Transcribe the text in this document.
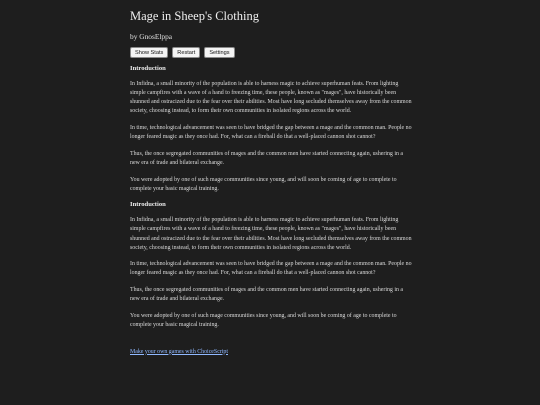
Mage in Sheep's Clothing
by GnosElppa
Show Stats	Restart	Settings
Introduction

In Infidna, a small minority of the population is able to harness magic to achieve superhuman feats. From lighting simple campfires with a wave of a hand to freezing time, these people, known as "mages", have historically been shunned and ostracized due to the fear over their abilities. Most have long secluded themselves away from the common society, choosing instead, to form their own communities in isolated regions across the world.

In time, technological advancement was seen to have bridged the gap between a mage and the common man. People no longer feared magic as they once had. For, what can a fireball do that a well-placed cannon shot cannot?

Thus, the once segregated communities of mages and the common men have started connecting again, ushering in a new era of trade and bilateral exchange.

You were adopted by one of such mage communities since young, and will soon be coming of age to complete to complete your basic magical training.

Introduction

In Infidna, a small minority of the population is able to harness magic to achieve superhuman feats. From lighting simple campfires with a wave of a hand to freezing time, these people, known as "mages", have historically been shunned and ostracized due to the fear over their abilities. Most have long secluded themselves away from the common society, choosing instead, to form their own communities in isolated regions across the world.

In time, technological advancement was seen to have bridged the gap between a mage and the common man. People no longer feared magic as they once had. For, what can a fireball do that a well-placed cannon shot cannot?

Thus, the once segregated communities of mages and the common men have started connecting again, ushering in a new era of trade and bilateral exchange.

You were adopted by one of such mage communities since young, and will soon be coming of age to complete to complete your basic magical training.

Make your own games with ChoiceScript
